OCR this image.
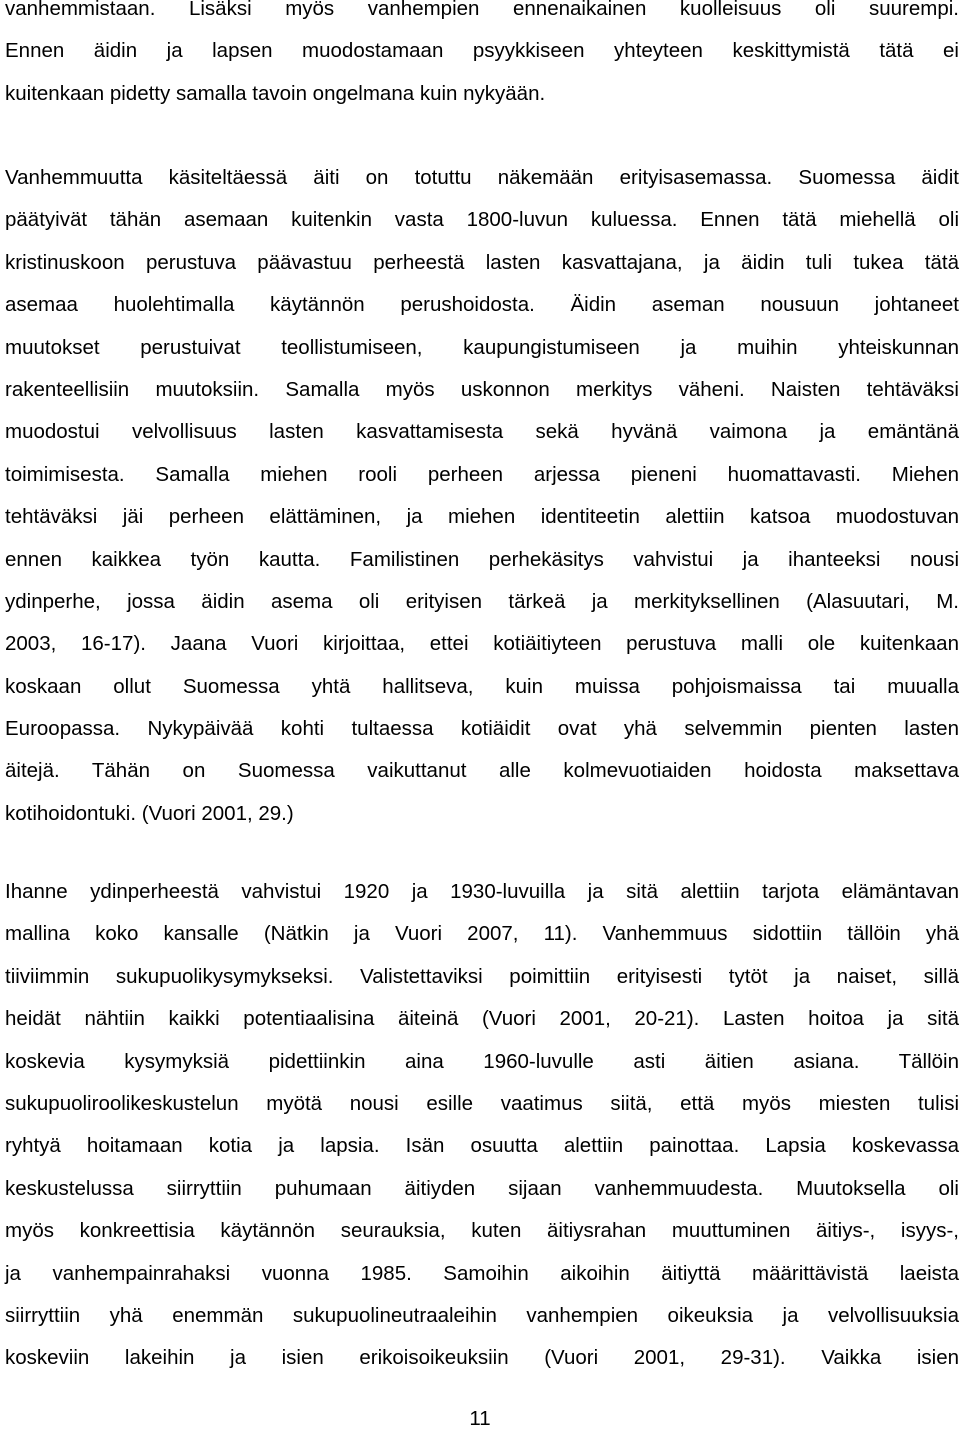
vanhemmistaan. Lisäksi myös vanhempien ennenaikainen kuolleisuus oli suurempi.
Ennen äidin ja lapsen muodostamaan psyykkiseen yhteyteen keskittymistä tätä ei
kuitenkaan pidetty samalla tavoin ongelmana kuin nykyään.
Vanhemmuutta käsiteltäessä äiti on totuttu näkemään erityisasemassa. Suomessa äidit
päätyivät tähän asemaan kuitenkin vasta 1800-luvun kuluessa. Ennen tätä miehellä oli
kristinuskoon perustuva päävastuu perheestä lasten kasvattajana, ja äidin tuli tukea tätä
asemaa huolehtimalla käytännön perushoidosta. Äidin aseman nousuun johtaneet
muutokset perustuivat teollistumiseen, kaupungistumiseen ja muihin yhteiskunnan
rakenteellisiin muutoksiin. Samalla myös uskonnon merkitys väheni. Naisten tehtäväksi
muodostui velvollisuus lasten kasvattamisesta sekä hyvänä vaimona ja emäntänä
toimimisesta. Samalla miehen rooli perheen arjessa pieneni huomattavasti. Miehen
tehtäväksi jäi perheen elättäminen, ja miehen identiteetin alettiin katsoa muodostuvan
ennen kaikkea työn kautta. Familistinen perhekäsitys vahvistui ja ihanteeksi nousi
ydinperhe, jossa äidin asema oli erityisen tärkeä ja merkityksellinen (Alasuutari, M.
2003, 16-17). Jaana Vuori kirjoittaa, ettei kotiäitiyteen perustuva malli ole kuitenkaan
koskaan ollut Suomessa yhtä hallitseva, kuin muissa pohjoismaissa tai muualla
Euroopassa. Nykypäivää kohti tultaessa kotiäidit ovat yhä selvemmin pienten lasten
äitejä. Tähän on Suomessa vaikuttanut alle kolmevuotiaiden hoidosta maksettava
kotihoidontuki. (Vuori 2001, 29.)
Ihanne ydinperheestä vahvistui 1920 ja 1930-luvuilla ja sitä alettiin tarjota elämäntavan
mallina koko kansalle (Nätkin ja Vuori 2007, 11). Vanhemmuus sidottiin tällöin yhä
tiiviimmin sukupuolikysymykseksi. Valistettaviksi poimittiin erityisesti tytöt ja naiset, sillä
heidät nähtiin kaikki potentiaalisina äiteinä (Vuori 2001, 20-21). Lasten hoitoa ja sitä
koskevia kysymyksiä pidettiinkin aina 1960-luvulle asti äitien asiana. Tällöin
sukupuoliroolikeskustelun myötä nousi esille vaatimus siitä, että myös miesten tulisi
ryhtyä hoitamaan kotia ja lapsia. Isän osuutta alettiin painottaa. Lapsia koskevassa
keskustelussa siirryttiin puhumaan äitiyden sijaan vanhemmuudesta. Muutoksella oli
myös konkreettisia käytännön seurauksia, kuten äitiysrahan muuttuminen äitiys-, isyys-,
ja vanhempainrahaksi vuonna 1985. Samoihin aikoihin äitiyttä määrittävistä laeista
siirryttiin yhä enemmän sukupuolineutraaleihin vanhempien oikeuksia ja velvollisuuksia
koskeviin lakeihin ja isien erikoisoikeuksiin (Vuori 2001, 29-31). Vaikka isien
11
